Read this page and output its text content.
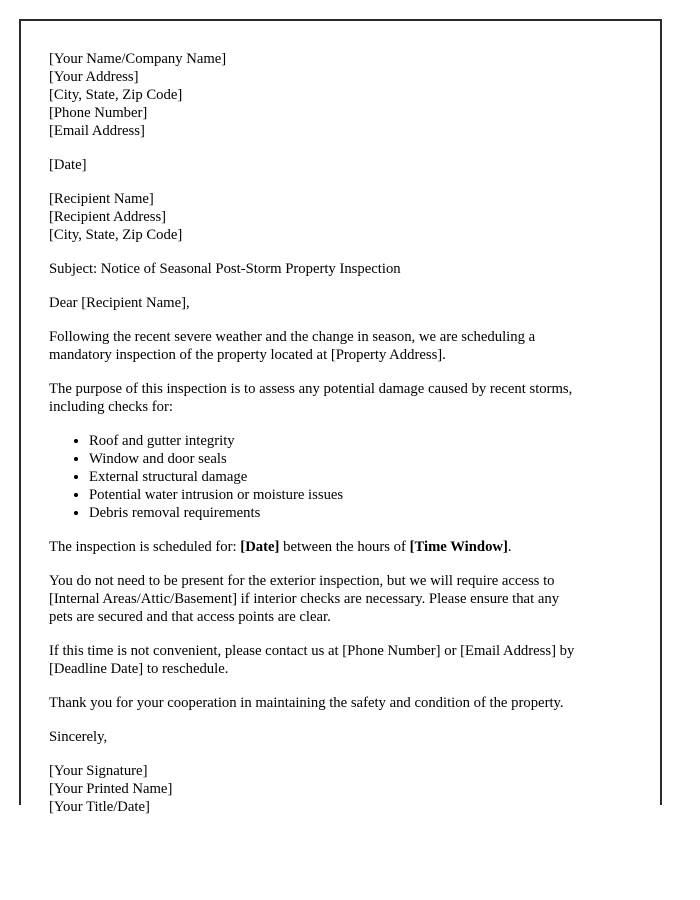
[Your Name/Company Name]
[Your Address]
[City, State, Zip Code]
[Phone Number]
[Email Address]
[Date]
[Recipient Name]
[Recipient Address]
[City, State, Zip Code]
Subject: Notice of Seasonal Post-Storm Property Inspection
Dear [Recipient Name],
Following the recent severe weather and the change in season, we are scheduling a
mandatory inspection of the property located at [Property Address].
The purpose of this inspection is to assess any potential damage caused by recent storms,
including checks for:
• Roof and gutter integrity
• Window and door seals
• External structural damage
• Potential water intrusion or moisture issues
• Debris removal requirements
The inspection is scheduled for: [Date] between the hours of [Time Window].
You do not need to be present for the exterior inspection, but we will require access to
[Internal Areas/Attic/Basement] if interior checks are necessary. Please ensure that any
pets are secured and that access points are clear.
If this time is not convenient, please contact us at [Phone Number] or [Email Address] by
[Deadline Date] to reschedule.
Thank you for your cooperation in maintaining the safety and condition of the property.
Sincerely,
[Your Signature]
[Your Printed Name]
[Your Title/Date]
